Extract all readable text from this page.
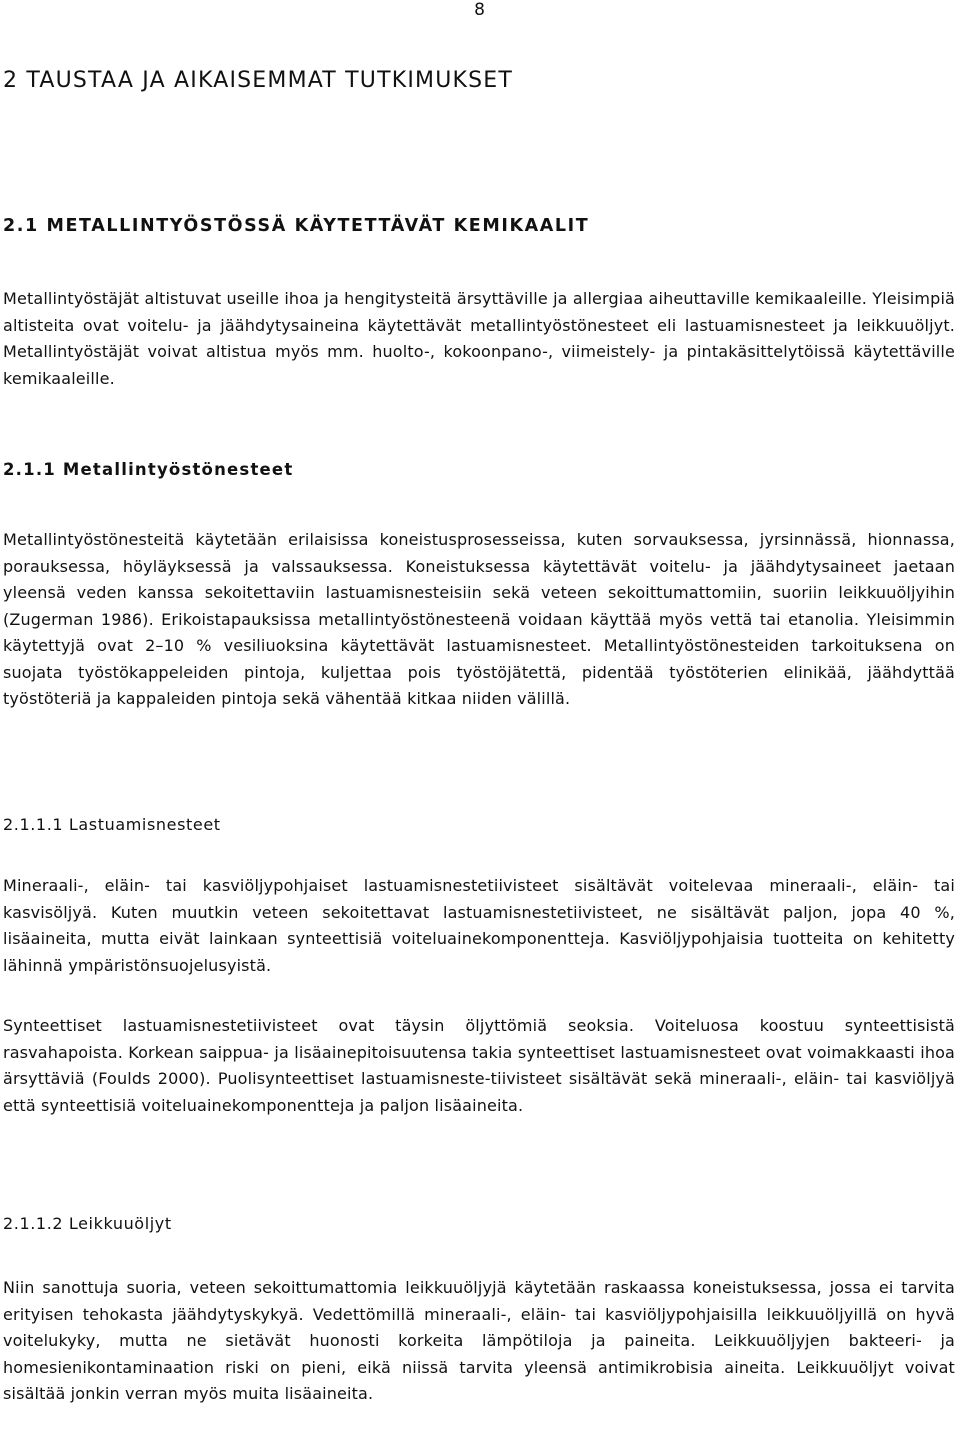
8
2 TAUSTAA JA AIKAISEMMAT TUTKIMUKSET
2.1 METALLINTYÖSTÖSSÄ KÄYTETTÄVÄT KEMIKAALIT

Metallintyöstäjät altistuvat useille ihoa ja hengitysteitä ärsyttäville ja allergiaa aiheuttaville kemikaaleille. Yleisimpiä altisteita ovat voitelu- ja jäähdytysaineina käytettävät metallintyöstönesteet eli lastuamisnesteet ja leikkuuöljyt. Metallintyöstäjät voivat altistua myös mm. huolto-, kokoonpano-, viimeistely- ja pintakäsittelytöissä käytettäville kemikaaleille.

2.1.1 Metallintyöstönesteet

Metallintyöstönesteitä käytetään erilaisissa koneistusprosesseissa, kuten sorvauksessa, jyrsinnässä, hionnassa, porauksessa, höyläyksessä ja valssauksessa. Koneistuksessa käytettävät voitelu- ja jäähdytysaineet jaetaan yleensä veden kanssa sekoitettaviin lastuamisnesteisiin sekä veteen sekoittumattomiin, suoriin leikkuuöljyihin (Zugerman 1986). Erikoistapauksissa metallintyöstönesteenä voidaan käyttää myös vettä tai etanolia. Yleisimmin käytettyjä ovat 2–10 % vesiliuoksina käytettävät lastuamisnesteet. Metallintyöstönesteiden tarkoituksena on suojata työstökappeleiden pintoja, kuljettaa pois työstöjätettä, pidentää työstöterien elinikää, jäähdyttää työstöteriä ja kappaleiden pintoja sekä vähentää kitkaa niiden välillä.

2.1.1.1 Lastuamisnesteet

Mineraali-, eläin- tai kasviöljypohjaiset lastuamisnestetiivisteet sisältävät voitelevaa mineraali-, eläin- tai kasvisöljyä. Kuten muutkin veteen sekoitettavat lastuamisnestetiivisteet, ne sisältävät paljon, jopa 40 %, lisäaineita, mutta eivät lainkaan synteettisiä voiteluainekomponentteja. Kasviöljypohjaisia tuotteita on kehitetty lähinnä ympäristönsuojelusyistä.

Synteettiset lastuamisnestetiivisteet ovat täysin öljyttömiä seoksia. Voiteluosa koostuu synteettisistä rasvahapoista. Korkean saippua- ja lisäainepitoisuutensa takia synteettiset lastuamisnesteet ovat voimakkaasti ihoa ärsyttäviä (Foulds 2000). Puolisynteettiset lastuamisneste-tiivisteet sisältävät sekä mineraali-, eläin- tai kasviöljyä että synteettisiä voiteluainekomponentteja ja paljon lisäaineita.

2.1.1.2 Leikkuuöljyt

Niin sanottuja suoria, veteen sekoittumattomia leikkuuöljyjä käytetään raskaassa koneistuksessa, jossa ei tarvita erityisen tehokasta jäähdytyskykyä. Vedettömillä mineraali-, eläin- tai kasviöljypohjaisilla leikkuuöljyillä on hyvä voitelukyky, mutta ne sietävät huonosti korkeita lämpötiloja ja paineita. Leikkuuöljyjen bakteeri- ja homesienikontaminaation riski on pieni, eikä niissä tarvita yleensä antimikrobisia aineita. Leikkuuöljyt voivat sisältää jonkin verran myös muita lisäaineita.
